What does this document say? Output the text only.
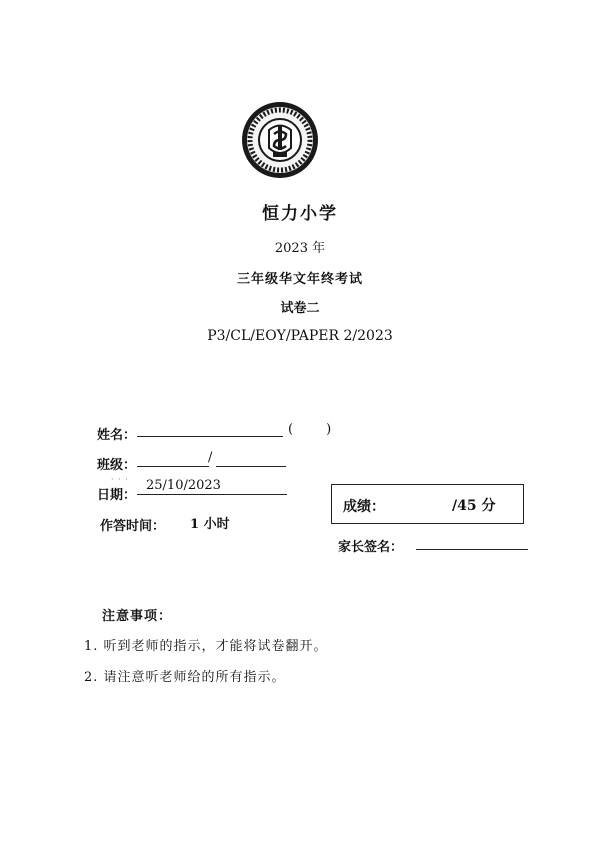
恒力小学
2023 年
三年级华文年终考试
试卷二
P3/CL/EOY/PAPER 2/2023
姓名：	(        )
班级：
/
· · ·
日期：
25/10/2023
作答时间： 1 小时
成绩：	/45 分
家长签名：
注意事项：
1. 听到老师的指示，才能将试卷翻开。
2. 请注意听老师给的所有指示。
